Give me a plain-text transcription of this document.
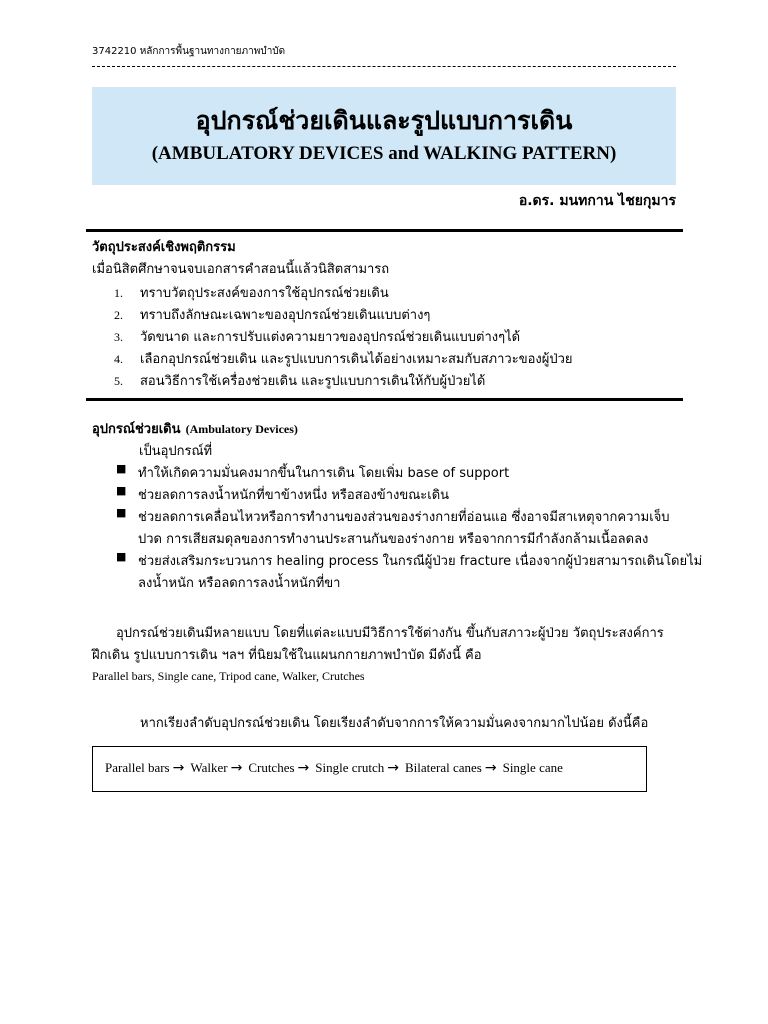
3742210 หลักการพื้นฐานทางกายภาพบำบัด
อุปกรณ์ช่วยเดินและรูปแบบการเดิน
(AMBULATORY DEVICES and WALKING PATTERN)
อ.ดร. มนทกาน ไชยกุมาร
วัตถุประสงค์เชิงพฤติกรรม
เมื่อนิสิตศึกษาจนจบเอกสารคำสอนนี้แล้วนิสิตสามารถ
1. ทราบวัตถุประสงค์ของการใช้อุปกรณ์ช่วยเดิน
2. ทราบถึงลักษณะเฉพาะของอุปกรณ์ช่วยเดินแบบต่างๆ
3. วัดขนาด และการปรับแต่งความยาวของอุปกรณ์ช่วยเดินแบบต่างๆได้
4. เลือกอุปกรณ์ช่วยเดิน และรูปแบบการเดินได้อย่างเหมาะสมกับสภาวะของผู้ป่วย
5. สอนวิธีการใช้เครื่องช่วยเดิน และรูปแบบการเดินให้กับผู้ป่วยได้
อุปกรณ์ช่วยเดิน (Ambulatory Devices)
เป็นอุปกรณ์ที่
■ ทำให้เกิดความมั่นคงมากขึ้นในการเดิน โดยเพิ่ม base of support
■ ช่วยลดการลงน้ำหนักที่ขาข้างหนึ่ง หรือสองข้างขณะเดิน
■ ช่วยลดการเคลื่อนไหวหรือการทำงานของส่วนของร่างกายที่อ่อนแอ ซึ่งอาจมีสาเหตุจากความเจ็บ
ปวด การเสียสมดุลของการทำงานประสานกันของร่างกาย หรือจากการมีกำลังกล้ามเนื้อลดลง
■ ช่วยส่งเสริมกระบวนการ healing process ในกรณีผู้ป่วย fracture เนื่องจากผู้ป่วยสามารถเดินโดยไม่
ลงน้ำหนัก หรือลดการลงน้ำหนักที่ขา
อุปกรณ์ช่วยเดินมีหลายแบบ โดยที่แต่ละแบบมีวิธีการใช้ต่างกัน ขึ้นกับสภาวะผู้ป่วย วัตถุประสงค์การ
ฝึกเดิน รูปแบบการเดิน ฯลฯ ที่นิยมใช้ในแผนกกายภาพบำบัด มีดังนี้ คือ
Parallel bars, Single cane, Tripod cane, Walker, Crutches
หากเรียงลำดับอุปกรณ์ช่วยเดิน โดยเรียงลำดับจากการให้ความมั่นคงจากมากไปน้อย ดังนี้คือ
Parallel bars → Walker → Crutches → Single crutch → Bilateral canes → Single cane
